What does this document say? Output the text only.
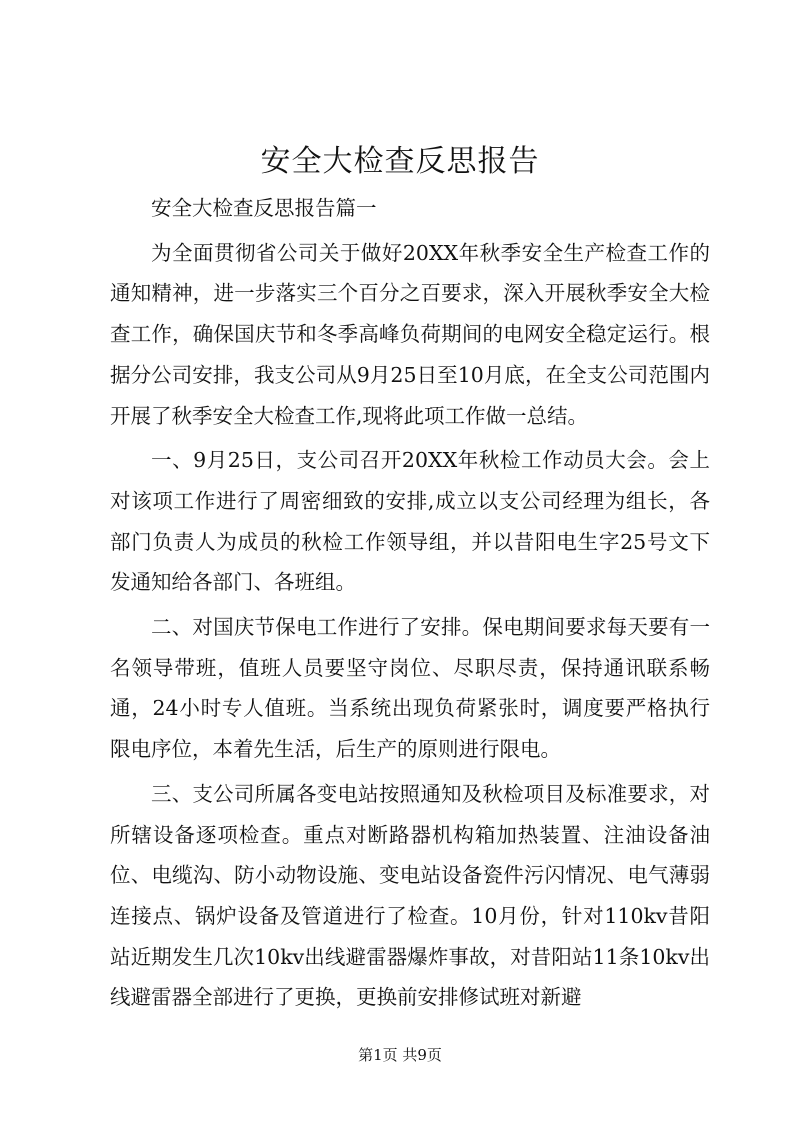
安全大检查反思报告

安全大检查反思报告篇一

为全面贯彻省公司关于做好20XX年秋季安全生产检查工作的通知精神，进一步落实三个百分之百要求，深入开展秋季安全大检查工作，确保国庆节和冬季高峰负荷期间的电网安全稳定运行。根据分公司安排，我支公司从9月25日至10月底，在全支公司范围内开展了秋季安全大检查工作,现将此项工作做一总结。

一、9月25日，支公司召开20XX年秋检工作动员大会。会上对该项工作进行了周密细致的安排,成立以支公司经理为组长，各部门负责人为成员的秋检工作领导组，并以昔阳电生字25号文下发通知给各部门、各班组。

二、对国庆节保电工作进行了安排。保电期间要求每天要有一名领导带班，值班人员要坚守岗位、尽职尽责，保持通讯联系畅通，24小时专人值班。当系统出现负荷紧张时，调度要严格执行限电序位，本着先生活，后生产的原则进行限电。

三、支公司所属各变电站按照通知及秋检项目及标准要求，对所辖设备逐项检查。重点对断路器机构箱加热装置、注油设备油位、电缆沟、防小动物设施、变电站设备瓷件污闪情况、电气薄弱连接点、锅炉设备及管道进行了检查。10月份，针对110kv昔阳站近期发生几次10kv出线避雷器爆炸事故，对昔阳站11条10kv出线避雷器全部进行了更换，更换前安排修试班对新避

第1页 共9页
